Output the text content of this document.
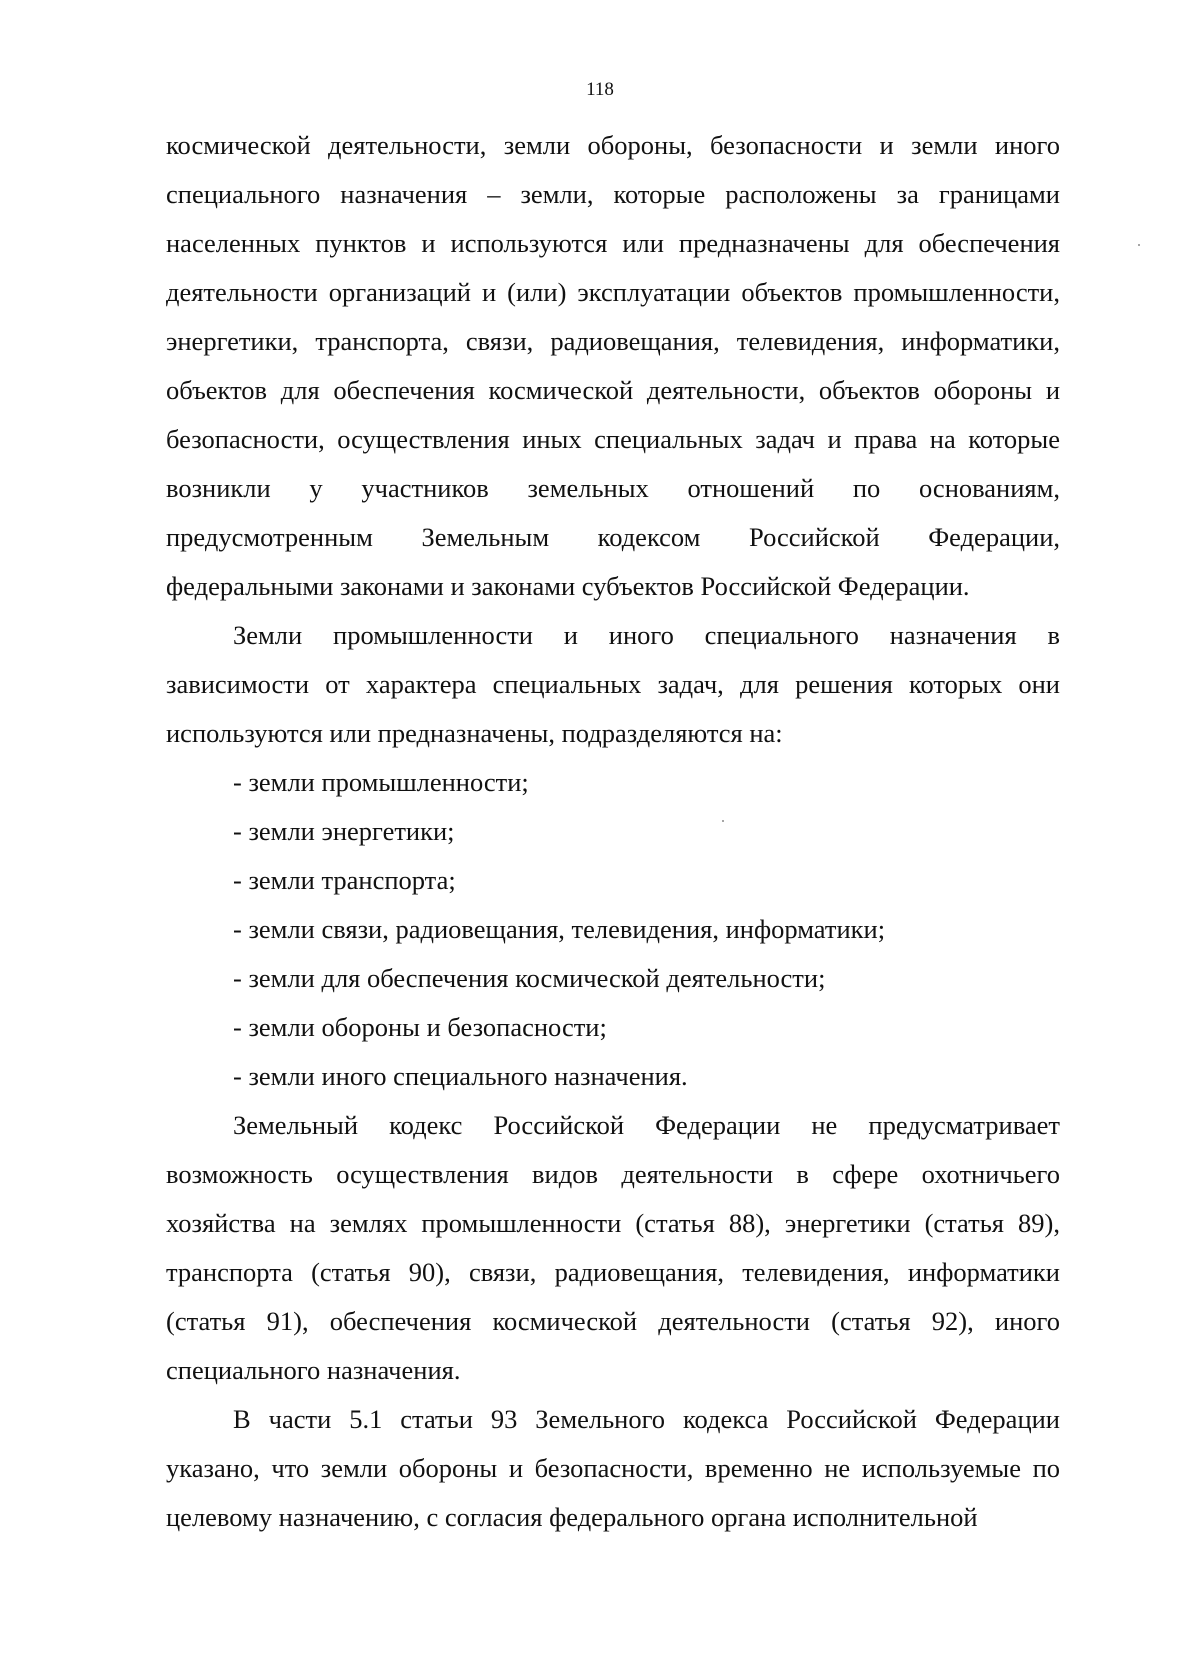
118

космической деятельности, земли обороны, безопасности и земли иного специального назначения – земли, которые расположены за границами населенных пунктов и используются или предназначены для обеспечения деятельности организаций и (или) эксплуатации объектов промышленности, энергетики, транспорта, связи, радиовещания, телевидения, информатики, объектов для обеспечения космической деятельности, объектов обороны и безопасности, осуществления иных специальных задач и права на которые возникли у участников земельных отношений по основаниям, предусмотренным Земельным кодексом Российской Федерации, федеральными законами и законами субъектов Российской Федерации.

Земли промышленности и иного специального назначения в зависимости от характера специальных задач, для решения которых они используются или предназначены, подразделяются на:

- земли промышленности;
- земли энергетики;
- земли транспорта;
- земли связи, радиовещания, телевидения, информатики;
- земли для обеспечения космической деятельности;
- земли обороны и безопасности;
- земли иного специального назначения.

Земельный кодекс Российской Федерации не предусматривает возможность осуществления видов деятельности в сфере охотничьего хозяйства на землях промышленности (статья 88), энергетики (статья 89), транспорта (статья 90), связи, радиовещания, телевидения, информатики (статья 91), обеспечения космической деятельности (статья 92), иного специального назначения.

В части 5.1 статьи 93 Земельного кодекса Российской Федерации указано, что земли обороны и безопасности, временно не используемые по целевому назначению, с согласия федерального органа исполнительной
